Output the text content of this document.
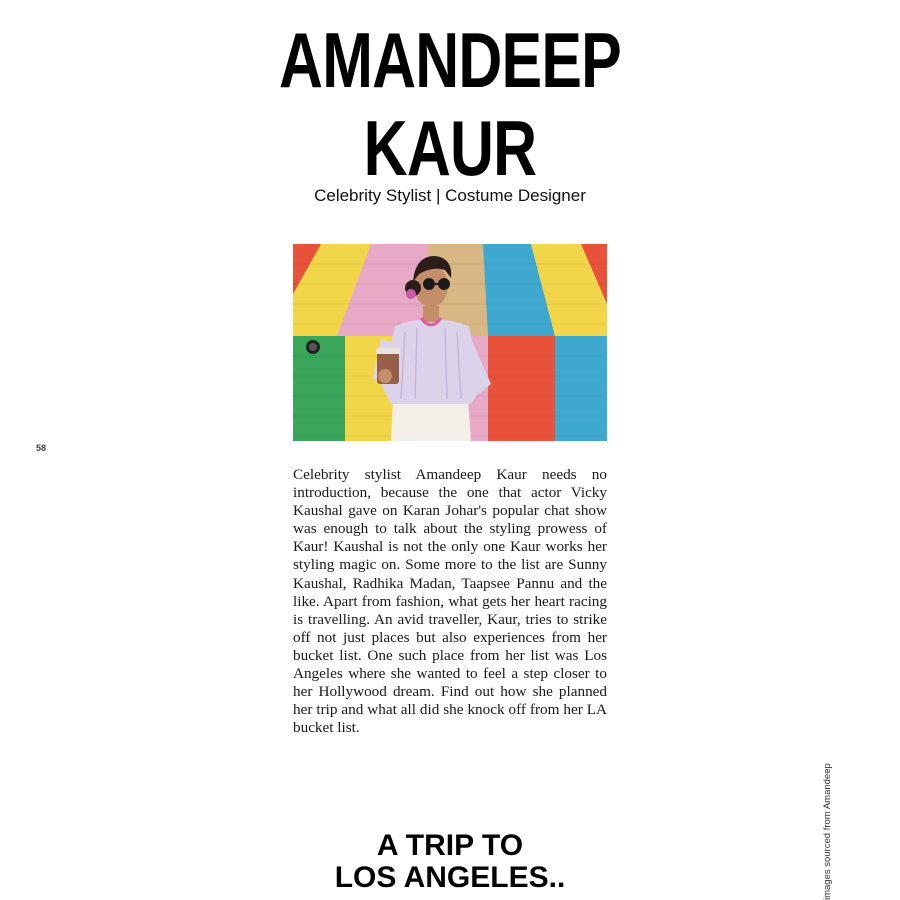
AMANDEEP
KAUR
Celebrity Stylist | Costume Designer
58

Celebrity stylist Amandeep Kaur needs no introduction, because the one that actor Vicky Kaushal gave on Karan Johar's popular chat show was enough to talk about the styling prowess of Kaur! Kaushal is not the only one Kaur works her styling magic on. Some more to the list are Sunny Kaushal, Radhika Madan, Taapsee Pannu and the like. Apart from fashion, what gets her heart racing is travelling. An avid traveller, Kaur, tries to strike off not just places but also experiences from her bucket list. One such place from her list was Los Angeles where she wanted to feel a step closer to her Hollywood dream. Find out how she planned her trip and what all did she knock off from her LA bucket list.

A TRIP TO
LOS ANGELES..	images sourced from Amandeep
